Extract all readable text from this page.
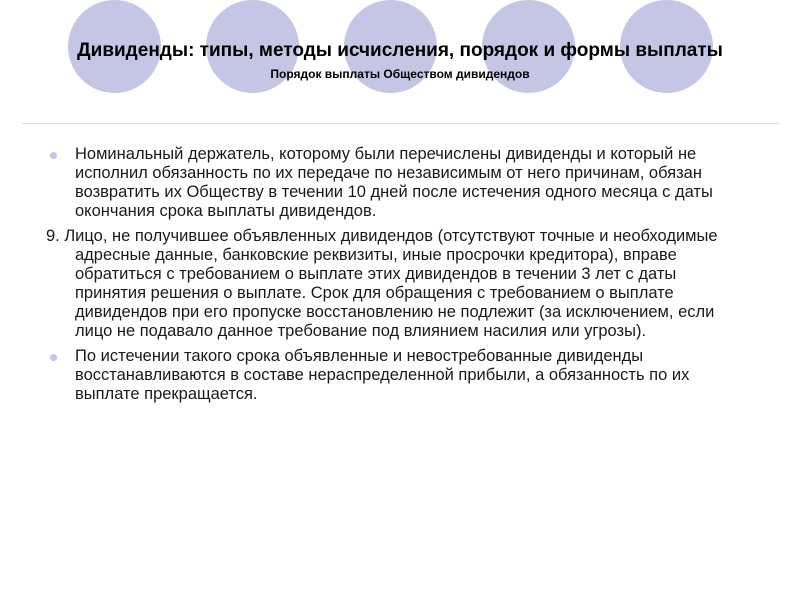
Дивиденды: типы, методы исчисления, порядок и формы выплаты

Порядок выплаты Обществом дивидендов

Номинальный держатель, которому были перечислены дивиденды и который не исполнил обязанность по их передаче по независимым от него причинам, обязан возвратить их Обществу в течении 10 дней после истечения одного месяца с даты окончания срока выплаты дивидендов.
9. Лицо, не получившее объявленных дивидендов (отсутствуют точные и необходимые адресные данные, банковские реквизиты, иные просрочки кредитора), вправе обратиться с требованием о выплате этих дивидендов в течении 3 лет с даты принятия решения о выплате. Срок для обращения с требованием о выплате дивидендов при его пропуске восстановлению не подлежит (за исключением, если лицо не подавало данное требование под влиянием насилия или угрозы).
По истечении такого срока объявленные и невостребованные дивиденды восстанавливаются в составе нераспределенной прибыли, а обязанность по их выплате прекращается.
